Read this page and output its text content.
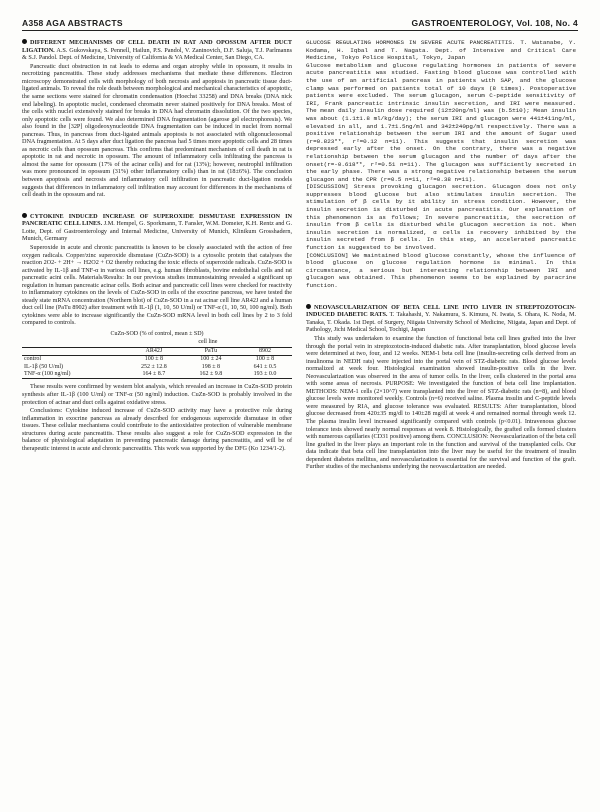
A358 AGA ABSTRACTS	GASTROENTEROLOGY, Vol. 108, No. 4
DIFFERENT MECHANISMS OF CELL DEATH IN RAT AND OPOSSUM AFTER DUCT LIGATION. A.S. Gukovskaya, S. Pennell, Hailun, P.S. Pandol, V. Zaninovich, D.F. Saluja, T.J. Parlmanns & S.J. Pandol. Dept. of Medicine, University of California & VA Medical Center, San Diego, CA.

Pancreatic duct obstruction in rat leads to edema and organ atrophy while in opossum, it results in necrotizing pancreatitis. These study addresses mechanisms that mediate these differences. Electron microscopy demonstrated cells with morphology of both necrosis and apoptosis in pancreatic tissue duct-ligated animals. To reveal the role death between morphological and mechanical characteristics of apoptotic, the same sections were stained for chromatin condensation (Hoechst 33258) and DNA breaks (DNA nick end labeling). In apoptotic nuclei, condensed chromatin never stained positively for DNA breaks. Most of the cells with nuclei extensively stained for breaks in DNA had chromatin dissolution. Of the two species, only apoptotic cells were found. We also determined DNA fragmentation (agarose gel electrophoresis). We also found in the [32P] oligodeoxynucleotide DNA fragmentation can be induced in nuclei from normal pancreas. Thus, in pancreas from duct-ligated animals apoptosis is not associated with oligonucleosomal DNA fragmentation. At 5 days after duct ligation the pancreas had 5 times more apoptotic cells and 28 times as necrotic cells than opossum pancreas. This confirms that predominant mechanism of cell death in rat is apoptotic in rat and necrotic in opossum. The amount of inflammatory cells infiltrating the pancreas is almost the same for opossum (17% of the acinar cells) and for rat (13%); however, neutrophil infiltration was more pronounced in opossum (31%) other inflammatory cells) than in rat (18±6%). The conclusion between apoptosis and necrosis and inflammatory cell infiltration in pancreatic duct-ligation models suggests that differences in inflammatory cell infiltration may account for differences in the mechanisms of cell death in the opossum and rat.

CYTOKINE INDUCED INCREASE OF SUPEROXIDE DISMUTASE EXPRESSION IN PANCREATIC CELL LINES. J.M. Hempel, G. Sporkmann, T. Fansler, W.M. Domeier, K.H. Rentz and G. Lotte, Dept. of Gastroenterology and Internal Medicine, University of Munich, Klinikum Grosshadern, Munich, Germany

Superoxide in acute and chronic pancreatitis is known to be closely associated with the action of free oxygen radicals. Copper/zinc superoxide dismutase (CuZn-SOD) is a cytosolic protein that catalyses the reaction 2O2- + 2H+ → H2O2 + O2 thereby reducing the toxic effects of superoxide radicals. CuZn-SOD is activated by IL-1β and TNF-α in various cell lines, e.g. human fibroblasts, bovine endothelial cells and rat pancreatic acini cells. Materials/Results: In our previous studies immunostaining revealed a significant up regulation in human pancreatic acinar cells. Both acinar and pancreatic cell lines were checked for reactivity to inflammatory cytokines on the levels of CuZn-SOD in cells of the exocrine pancreas, we have tested the steady state mRNA concentration (Northern blot) of CuZn-SOD in a rat acinar cell line AR42J and a human duct cell line (PaTu 8902) after treatment with IL-1β (1, 10, 50 U/ml) or TNF-α (1, 10, 50, 100 ng/ml). Both cytokines were able to increase significantly the CuZn-SOD mRNA level in both cell lines by 2 to 3 fold compared to controls.

CuZn-SOD (% of control, mean ± SD)
	cell line		
	AR42J	PaTu	8902
control	100 ± 8	100 ± 24	100 ± 8
IL-1β (50 U/ml)	252 ± 12.8	198 ± 8	641 ± 0.5
TNF-α (100 ng/ml)	164 ± 8.7	162 ± 9.8	193 ± 0.0

These results were confirmed by western blot analysis, which revealed an increase in CuZn-SOD protein synthesis after IL-1β (100 U/ml) or TNF-α (50 ng/ml) induction. CuZn-SOD is probably involved in the protection of acinar and duct cells against oxidative stress.

Conclusions: Cytokine induced increase of CuZn-SOD activity may have a protective role during inflammation in exocrine pancreas as already described for endogenous superoxide dismutase in other tissues. These cellular mechanisms could contribute to the antioxidative protection of vulnerable membrane structures during acute pancreatitis. These results also suggest a role for CuZn-SOD expression in the balance of physiological adaptation in preventing pancreatic damage during pancreatitis, and will be of therapeutic interest in acute and chronic pancreatitis. This work was supported by the DFG (Ko 1234/1-2).

GLUCOSE REGULATING HORMONES IN SEVERE ACUTE PANCREATITIS. T. Watanabe, Y. Kodama, H. Iqbal and T. Nagata. Dept. of Intensive and Critical Care Medicine, Tokyo Police Hospital, Tokyo, Japan

Glucose metabolism and glucose regulating hormones in patients of severe acute pancreatitis was studied. Fasting blood glucose was controlled with the use of an artificial pancreas in patients with SAP, and the glucose clamp was performed on patients total of 10 days (8 times). Postoperative patients were excluded. The serum glucagon, serum C-peptide sensitivity of IRI, Frank pancreatic intrinsic insulin secretion, and IRI were measured. The mean daily insulin dose required (12±20ng/ml) was (b.5±10); Mean insulin was about (1.1±1.8 ml/kg/day); the serum IRI and glucagon were 441±411ng/ml, elevated in all, and 1.7±1.5ng/ml and 342±240pg/ml respectively. There was a positive relationship between the serum IRI and the amount of Sugar used (r=0.823**, r²=0.12 n=11). This suggests that insulin secretion was depressed early after the onset. On the contrary, there was a negative relationship between the serum glucagon and the number of days after the onset(r=-0.618**, r²=0.51 n=11). The glucagon was sufficiently secreted in the early phase. There was a strong negative relationship between the serum glucagon and the CPR (r=0.5 n=11, r²=0.38 n=11).

[DISCUSSION] Stress provoking glucagon secretion. Glucagon does not only suppresses blood glucose but also stimulates insulin secretion. The stimulation of β cells by it ability in stress condition. However, the insulin secretion is disturbed in acute pancreatitis. Our explanation of this phenomenon is as follows; In severe pancreatitis, the secretion of insulin from β cells is disturbed while glucagon secretion is not. When insulin secretion is normalized, α cells is recovery inhibited by the insulin secreted from β cells. In this step, an accelerated pancreatic function is suggested to be involved.

[CONCLUSION] We maintained blood glucose constantly, whose the influence of blood glucose on glucose regulation hormone is minimal. In this circumstance, a serious but interesting relationship between IRI and glucagon was obtained. This phenomenon seems to be explained by paracrine function.

NEOVASCULARIZATION OF BETA CELL LINE INTO LIVER IN STREPTOZOTOCIN-INDUCED DIABETIC RATS. T. Takahashi, Y. Nakamura, S. Kimura, N. Iwata, S. Ohara, K. Noda, M. Tanaka, T. Okada. 1st Dept. of Surgery, Niigata University School of Medicine, Niigata, Japan and Dept. of Pathology, Jichi Medical School, Tochigi, Japan

This study was undertaken to examine the function of functional beta cell lines grafted into the liver through the portal vein in streptozotocin-induced diabetic rats. After transplantation, blood glucose levels were determined at two, four, and 12 weeks. NEM-1 beta cell line (insulin-secreting cells derived from an insulinoma in NEDH rats) were injected into the portal vein of STZ-diabetic rats. Blood glucose levels normalized at week four. Histological examination showed insulin-positive cells in the liver. Neovascularization was observed in the area of tumor cells. In the liver, cells clustered in the portal area with some areas of necrosis. PURPOSE: We investigated the function of beta cell line implantation. METHODS: NEM-1 cells (2×10^7) were transplanted into the liver of STZ-diabetic rats (n=8), and blood glucose levels were monitored weekly. Controls (n=6) received saline. Plasma insulin and C-peptide levels were measured by RIA, and glucose tolerance was evaluated. RESULTS: After transplantation, blood glucose decreased from 420±35 mg/dl to 140±28 mg/dl at week 4 and remained normal through week 12. The plasma insulin level increased significantly compared with controls (p<0.01). Intravenous glucose tolerance tests showed nearly normal responses at week 8. Histologically, the grafted cells formed clusters with numerous capillaries (CD31 positive) among them. CONCLUSION: Neovascularization of the beta cell line grafted in the liver plays an important role in the function and survival of the transplanted cells. Our data indicate that beta cell line transplantation into the liver may be useful for the treatment of insulin dependent diabetes mellitus, and neovascularization is essential for the survival and function of the graft. Further studies of the mechanisms underlying the neovascularization are needed.
